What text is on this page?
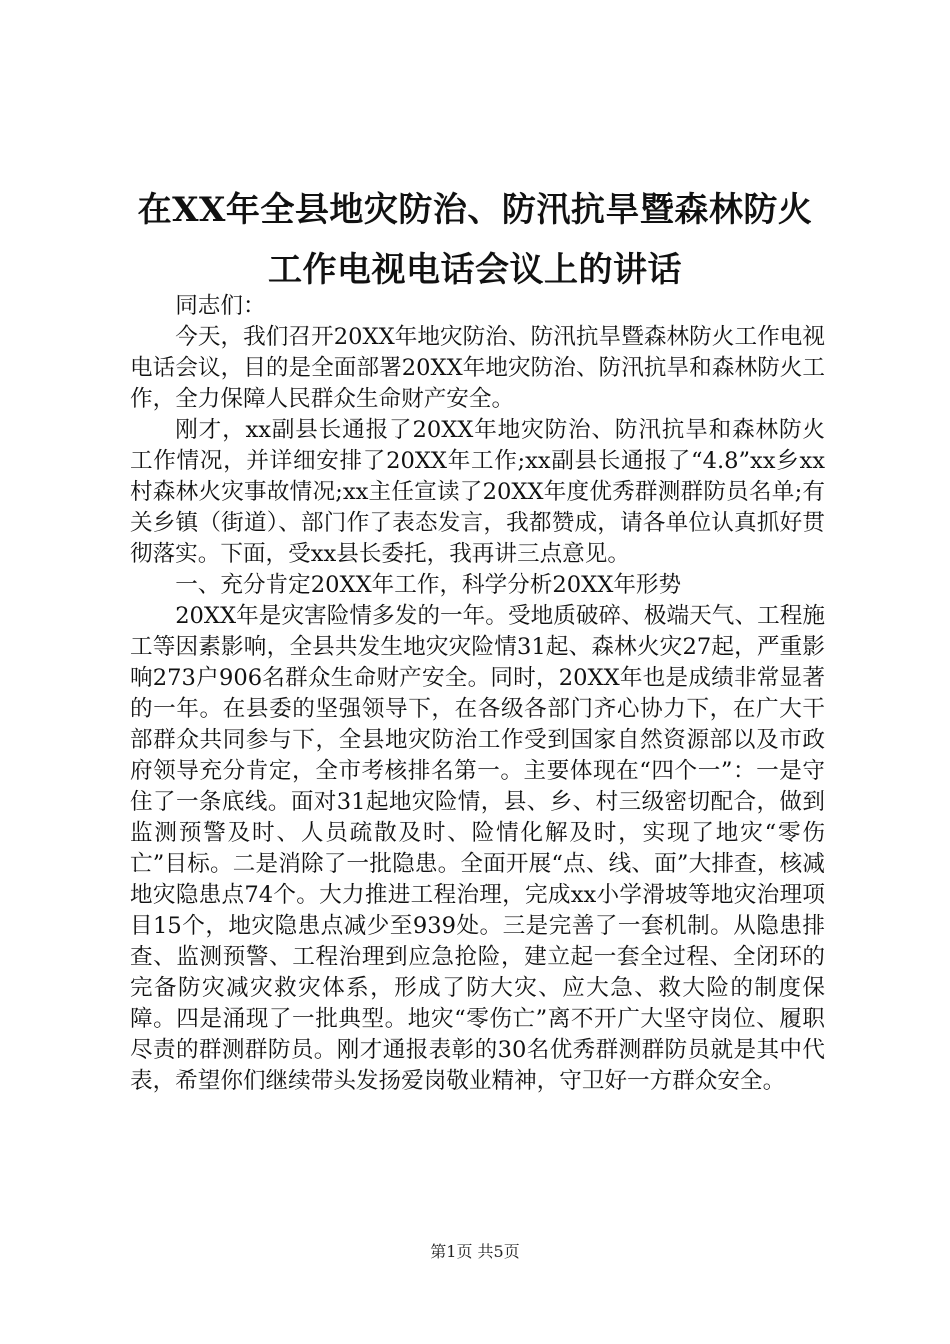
在XX年全县地灾防治、防汛抗旱暨森林防火
工作电视电话会议上的讲话

同志们：

今天，我们召开20XX年地灾防治、防汛抗旱暨森林防火工作电视电话会议，目的是全面部署20XX年地灾防治、防汛抗旱和森林防火工作，全力保障人民群众生命财产安全。

刚才，xx副县长通报了20XX年地灾防治、防汛抗旱和森林防火工作情况，并详细安排了20XX年工作;xx副县长通报了“4.8”xx乡xx村森林火灾事故情况;xx主任宣读了20XX年度优秀群测群防员名单;有关乡镇（街道）、部门作了表态发言，我都赞成，请各单位认真抓好贯彻落实。下面，受xx县长委托，我再讲三点意见。

一、充分肯定20XX年工作，科学分析20XX年形势

20XX年是灾害险情多发的一年。受地质破碎、极端天气、工程施工等因素影响，全县共发生地灾灾险情31起、森林火灾27起，严重影响273户906名群众生命财产安全。同时，20XX年也是成绩非常显著的一年。在县委的坚强领导下，在各级各部门齐心协力下，在广大干部群众共同参与下，全县地灾防治工作受到国家自然资源部以及市政府领导充分肯定，全市考核排名第一。主要体现在“四个一”：一是守住了一条底线。面对31起地灾险情，县、乡、村三级密切配合，做到监测预警及时、人员疏散及时、险情化解及时，实现了地灾“零伤亡”目标。二是消除了一批隐患。全面开展“点、线、面”大排查，核减地灾隐患点74个。大力推进工程治理，完成xx小学滑坡等地灾治理项目15个，地灾隐患点减少至939处。三是完善了一套机制。从隐患排查、监测预警、工程治理到应急抢险，建立起一套全过程、全闭环的完备防灾减灾救灾体系，形成了防大灾、应大急、救大险的制度保障。四是涌现了一批典型。地灾“零伤亡”离不开广大坚守岗位、履职尽责的群测群防员。刚才通报表彰的30名优秀群测群防员就是其中代表，希望你们继续带头发扬爱岗敬业精神，守卫好一方群众安全。

第1页 共5页
